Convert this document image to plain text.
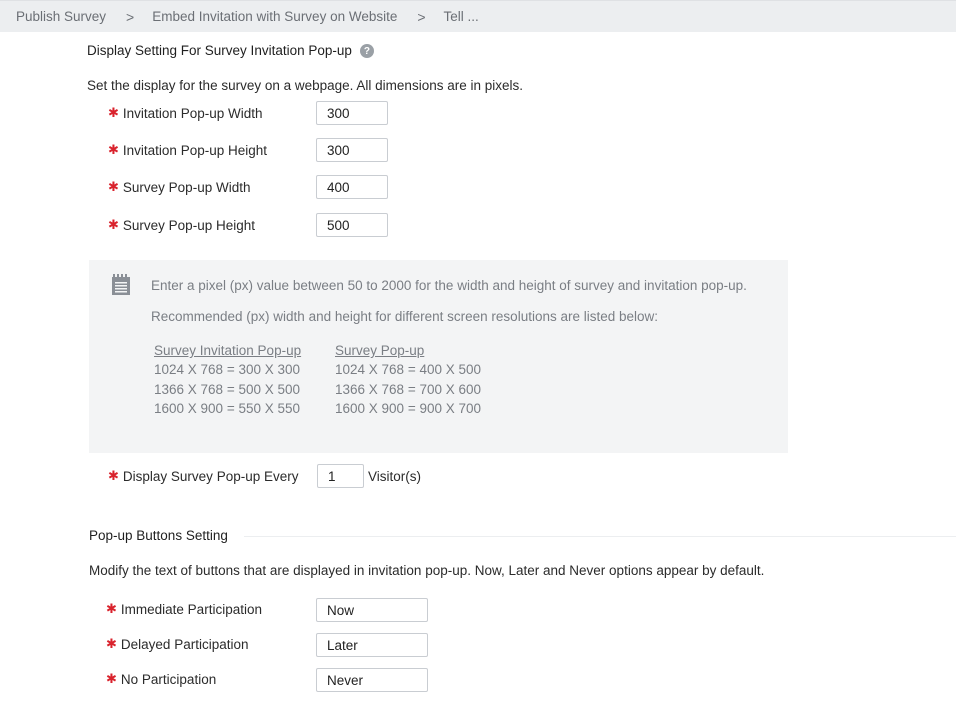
Publish Survey > Embed Invitation with Survey on Website > Tell ...
Display Setting For Survey Invitation Pop-up ?
Set the display for the survey on a webpage. All dimensions are in pixels.
✱ Invitation Pop-up Width
300
✱ Invitation Pop-up Height
300
✱ Survey Pop-up Width
400
✱ Survey Pop-up Height
500
Enter a pixel (px) value between 50 to 2000 for the width and height of survey and invitation pop-up.
Recommended (px) width and height for different screen resolutions are listed below:
Survey Invitation Pop-up
1024 X 768 = 300 X 300
1366 X 768 = 500 X 500
1600 X 900 = 550 X 550
Survey Pop-up
1024 X 768 = 400 X 500
1366 X 768 = 700 X 600
1600 X 900 = 900 X 700
✱ Display Survey Pop-up Every
1	Visitor(s)
Pop-up Buttons Setting
Modify the text of buttons that are displayed in invitation pop-up. Now, Later and Never options appear by default.
✱ Immediate Participation
Now
✱ Delayed Participation
Later
✱ No Participation
Never
